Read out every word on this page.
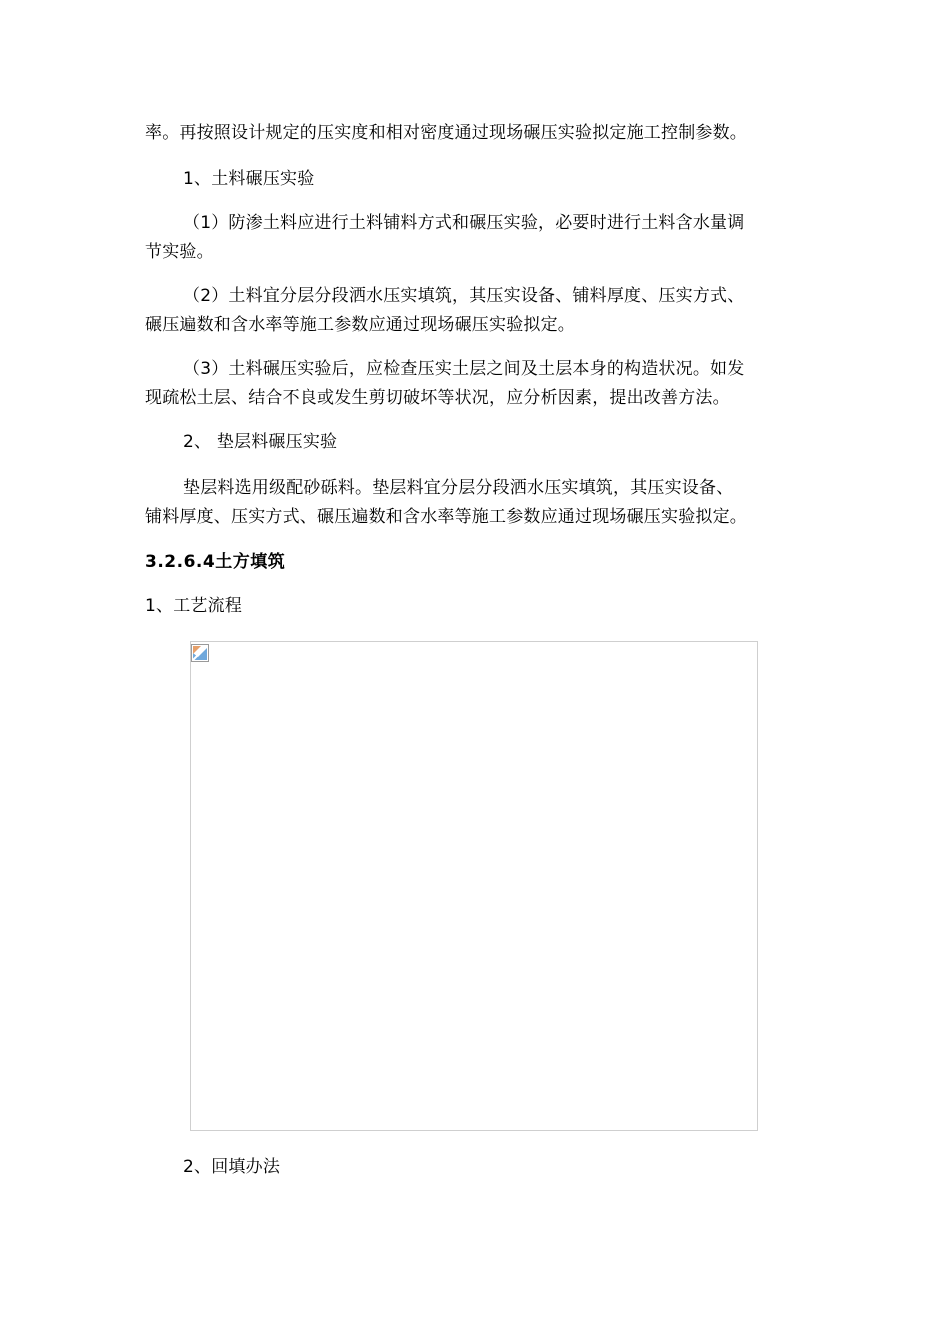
率。再按照设计规定的压实度和相对密度通过现场碾压实验拟定施工控制参数。
1、土料碾压实验
（1）防渗土料应进行土料铺料方式和碾压实验，必要时进行土料含水量调
节实验。
（2）土料宜分层分段洒水压实填筑，其压实设备、铺料厚度、压实方式、
碾压遍数和含水率等施工参数应通过现场碾压实验拟定。
（3）土料碾压实验后，应检查压实土层之间及土层本身的构造状况。如发
现疏松土层、结合不良或发生剪切破坏等状况，应分析因素，提出改善方法。
2、 垫层料碾压实验
垫层料选用级配砂砾料。垫层料宜分层分段洒水压实填筑，其压实设备、
铺料厚度、压实方式、碾压遍数和含水率等施工参数应通过现场碾压实验拟定。
3.2.6.4土方填筑
1、工艺流程
2、回填办法
